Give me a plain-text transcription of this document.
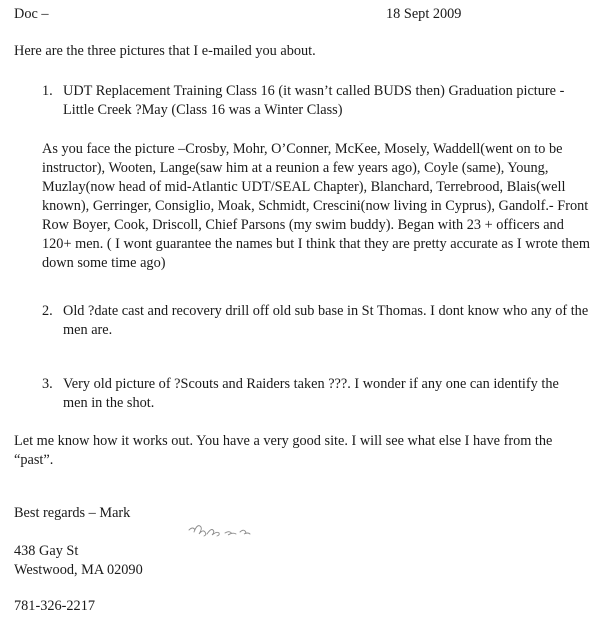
Doc –	18 Sept 2009
Here are the three pictures that I e-mailed you about.
1. UDT Replacement Training Class 16 (it wasn’t called BUDS then) Graduation picture - Little Creek ?May (Class 16 was a Winter Class)
As you face the picture –Crosby, Mohr, O’Conner, McKee, Mosely, Waddell(went on to be instructor), Wooten, Lange(saw him at a reunion a few years ago), Coyle (same), Young, Muzlay(now head of mid-Atlantic UDT/SEAL Chapter), Blanchard, Terrebrood, Blais(well known), Gerringer, Consiglio, Moak, Schmidt, Crescini(now living in Cyprus), Gandolf.- Front Row Boyer, Cook, Driscoll, Chief Parsons (my swim buddy). Began with 23 + officers and 120+ men. ( I wont guarantee the names but I think that they are pretty accurate as I wrote them down some time ago)
2. Old ?date cast and recovery drill off old sub base in St Thomas. I dont know who any of the men are.
3. Very old picture of ?Scouts and Raiders taken ???. I wonder if any one can identify the men in the shot.
Let me know how it works out. You have a very good site. I will see what else I have from the “past”.
Best regards – Mark
438 Gay St
Westwood, MA 02090
781-326-2217
